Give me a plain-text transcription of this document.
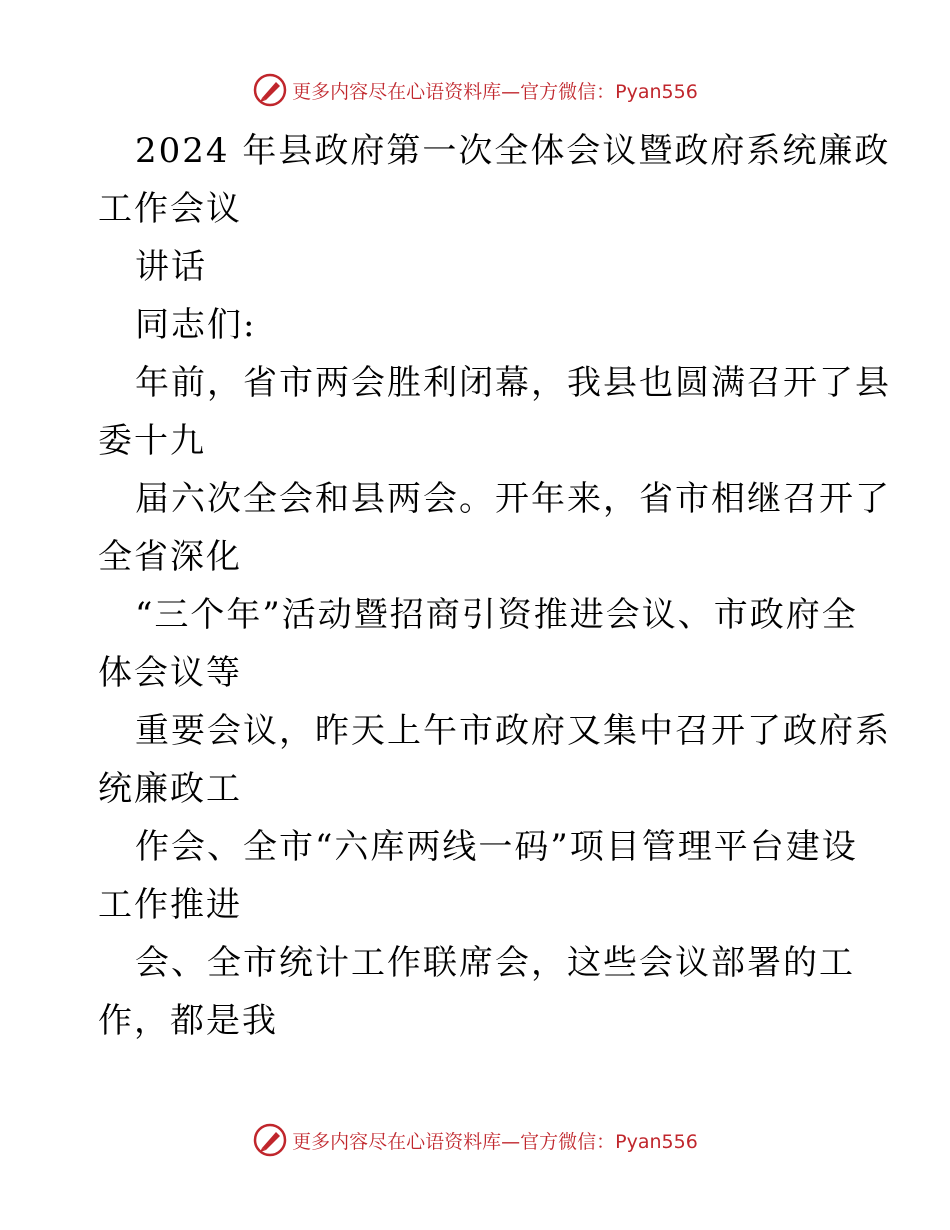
更多内容尽在心语资料库—官方微信：Pyan556
2024 年县政府第一次全体会议暨政府系统廉政
工作会议
讲话
同志们:
年前，省市两会胜利闭幕，我县也圆满召开了县
委十九
届六次全会和县两会。开年来，省市相继召开了
全省深化
“三个年”活动暨招商引资推进会议、市政府全
体会议等
重要会议，昨天上午市政府又集中召开了政府系
统廉政工
作会、全市“六库两线一码”项目管理平台建设
工作推进
会、全市统计工作联席会，这些会议部署的工
作，都是我
更多内容尽在心语资料库—官方微信：Pyan556
